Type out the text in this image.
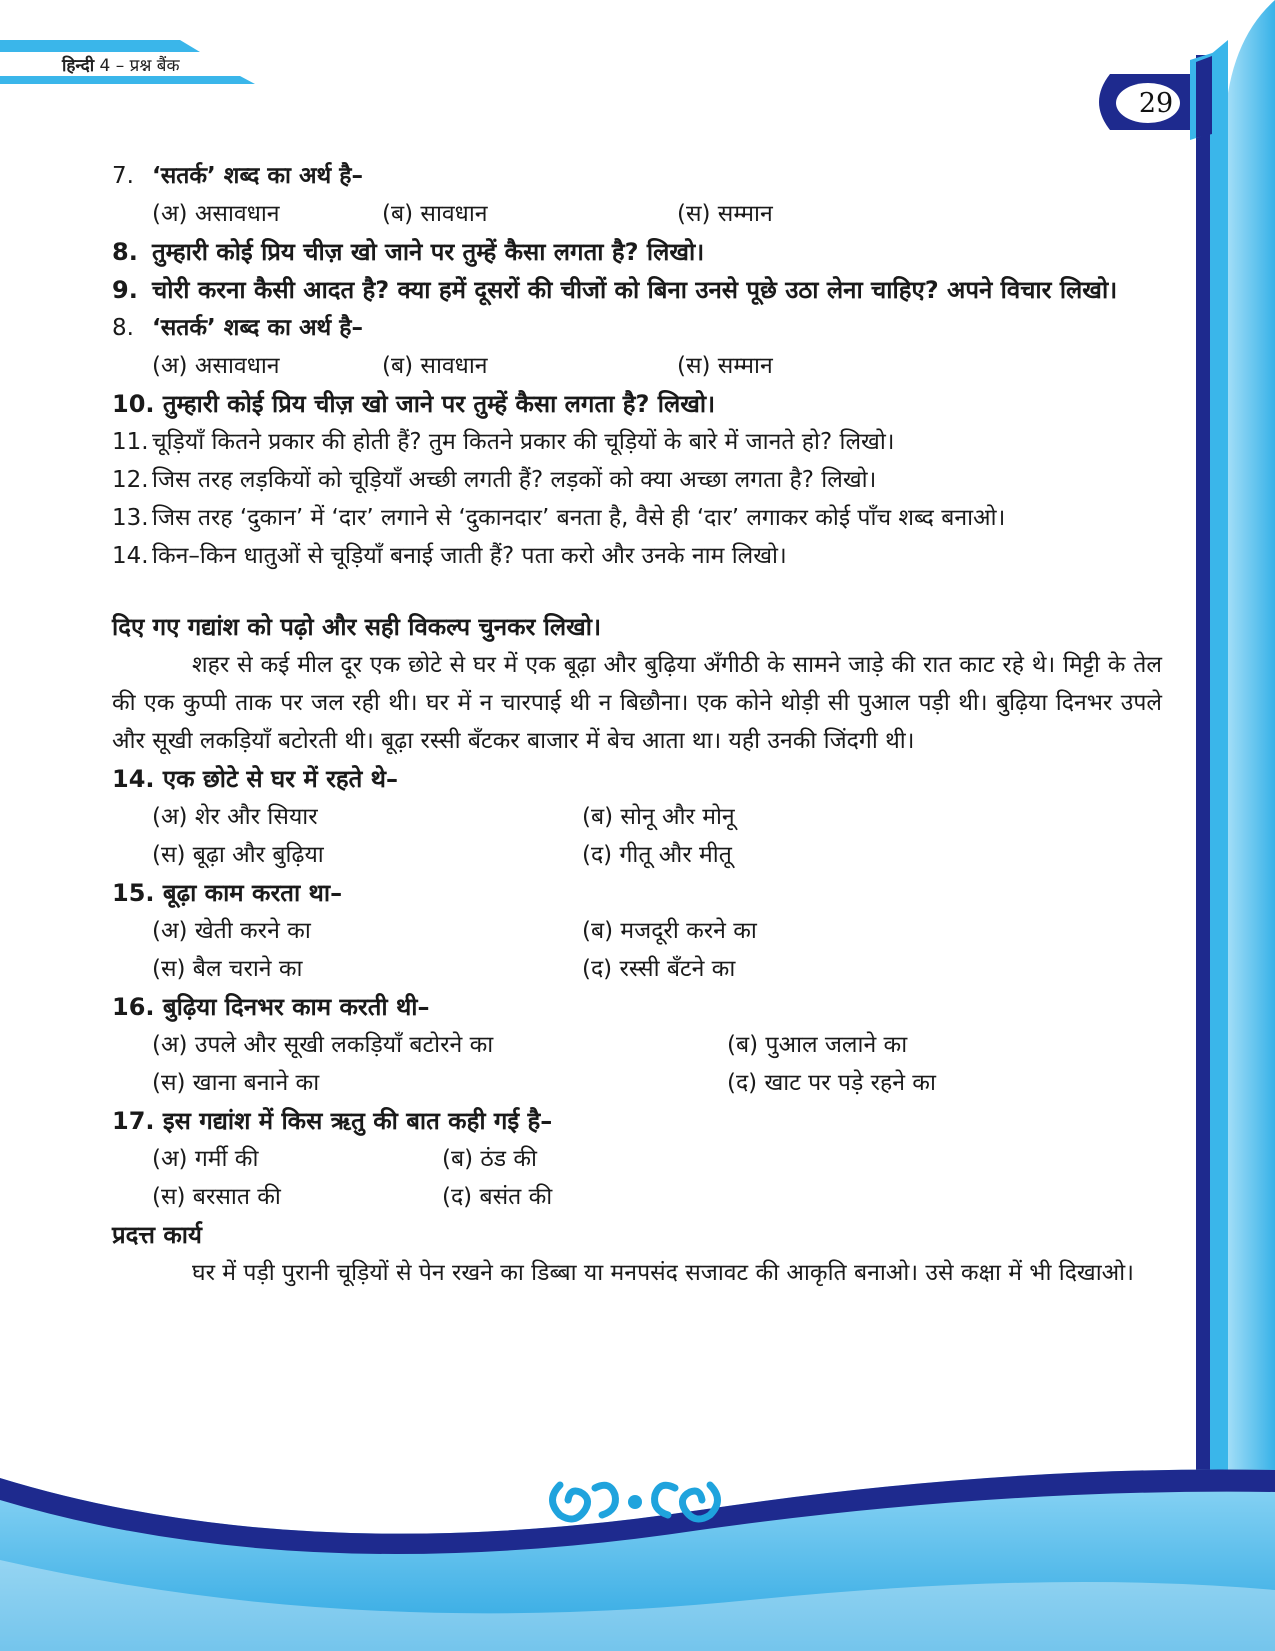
हिन्दी 4 – प्रश्न बैंक
29
7. ‘सतर्क’ शब्द का अर्थ है–
(अ) असावधान	(ब) सावधान	(स) सम्मान
8. तुम्हारी कोई प्रिय चीज़ खो जाने पर तुम्हें कैसा लगता है? लिखो।
9. चोरी करना कैसी आदत है? क्या हमें दूसरों की चीजों को बिना उनसे पूछे उठा लेना चाहिए? अपने विचार लिखो।
8. ‘सतर्क’ शब्द का अर्थ है–
(अ) असावधान	(ब) सावधान	(स) सम्मान
10. तुम्हारी कोई प्रिय चीज़ खो जाने पर तुम्हें कैसा लगता है? लिखो।
11. चूड़ियाँ कितने प्रकार की होती हैं? तुम कितने प्रकार की चूड़ियों के बारे में जानते हो? लिखो।
12. जिस तरह लड़कियों को चूड़ियाँ अच्छी लगती हैं? लड़कों को क्या अच्छा लगता है? लिखो।
13. जिस तरह ‘दुकान’ में ‘दार’ लगाने से ‘दुकानदार’ बनता है, वैसे ही ‘दार’ लगाकर कोई पाँच शब्द बनाओ।
14. किन–किन धातुओं से चूड़ियाँ बनाई जाती हैं? पता करो और उनके नाम लिखो।
दिए गए गद्यांश को पढ़ो और सही विकल्प चुनकर लिखो।
शहर से कई मील दूर एक छोटे से घर में एक बूढ़ा और बुढ़िया अँगीठी के सामने जाड़े की रात काट रहे थे। मिट्टी के तेल की एक कुप्पी ताक पर जल रही थी। घर में न चारपाई थी न बिछौना। एक कोने थोड़ी सी पुआल पड़ी थी। बुढ़िया दिनभर उपले और सूखी लकड़ियाँ बटोरती थी। बूढ़ा रस्सी बँटकर बाजार में बेच आता था। यही उनकी जिंदगी थी।
14. एक छोटे से घर में रहते थे–
(अ) शेर और सियार	(ब) सोनू और मोनू
(स) बूढ़ा और बुढ़िया	(द) गीतू और मीतू
15. बूढ़ा काम करता था–
(अ) खेती करने का	(ब) मजदूरी करने का
(स) बैल चराने का	(द) रस्सी बँटने का
16. बुढ़िया दिनभर काम करती थी–
(अ) उपले और सूखी लकड़ियाँ बटोरने का	(ब) पुआल जलाने का
(स) खाना बनाने का	(द) खाट पर पड़े रहने का
17. इस गद्यांश में किस ऋतु की बात कही गई है–
(अ) गर्मी की	(ब) ठंड की
(स) बरसात की	(द) बसंत की
प्रदत्त कार्य
घर में पड़ी पुरानी चूड़ियों से पेन रखने का डिब्बा या मनपसंद सजावट की आकृति बनाओ। उसे कक्षा में भी दिखाओ।
